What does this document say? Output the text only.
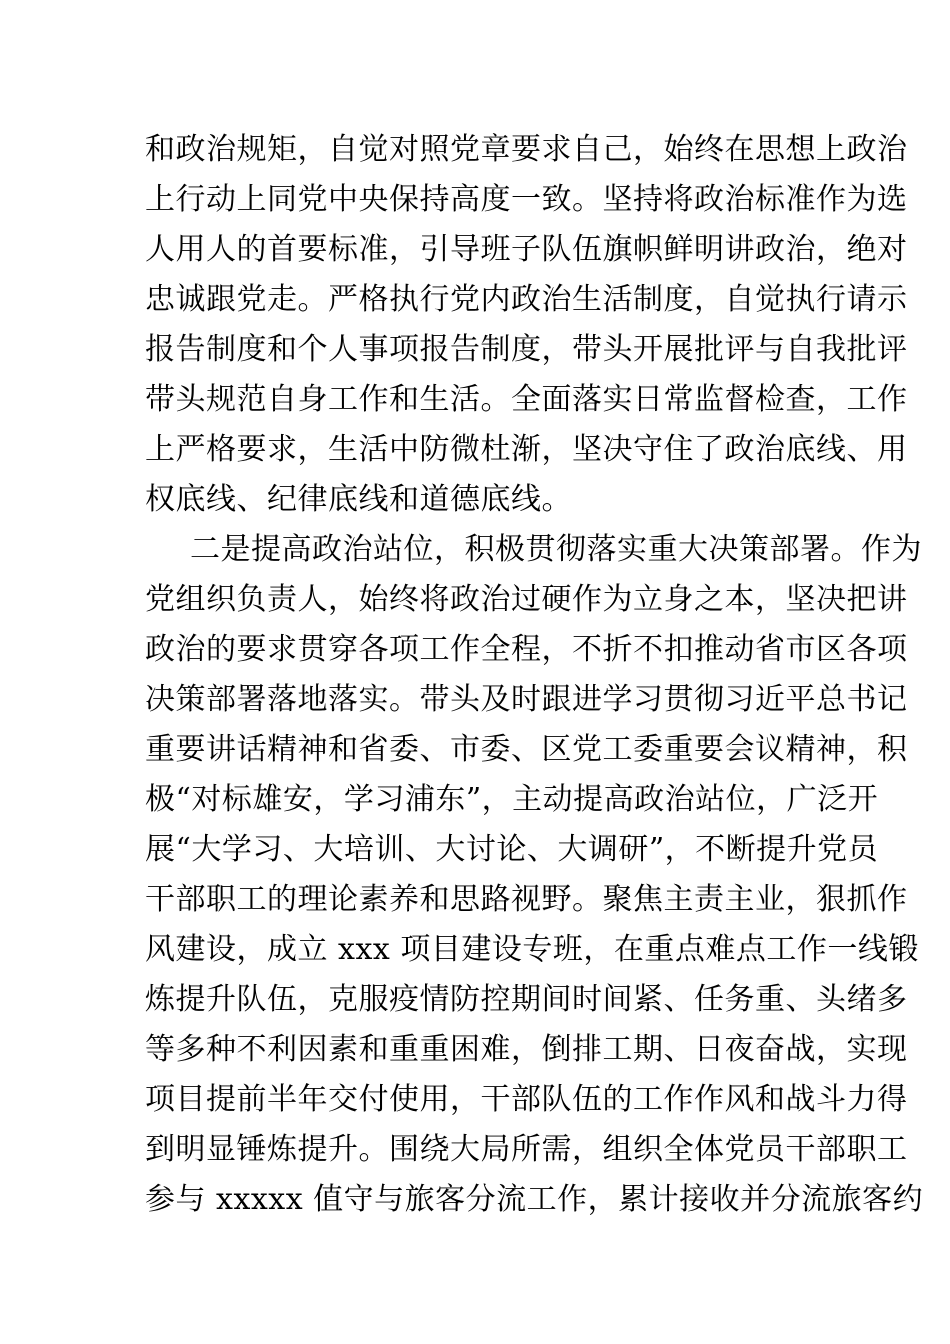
和政治规矩，自觉对照党章要求自己，始终在思想上政治
上行动上同党中央保持高度一致。坚持将政治标准作为选
人用人的首要标准，引导班子队伍旗帜鲜明讲政治，绝对
忠诚跟党走。严格执行党内政治生活制度，自觉执行请示
报告制度和个人事项报告制度，带头开展批评与自我批评
带头规范自身工作和生活。全面落实日常监督检查，工作
上严格要求，生活中防微杜渐，坚决守住了政治底线、用
权底线、纪律底线和道德底线。
二是提高政治站位，积极贯彻落实重大决策部署。作为
党组织负责人，始终将政治过硬作为立身之本，坚决把讲
政治的要求贯穿各项工作全程，不折不扣推动省市区各项
决策部署落地落实。带头及时跟进学习贯彻习近平总书记
重要讲话精神和省委、市委、区党工委重要会议精神，积
极“对标雄安，学习浦东”，主动提高政治站位，广泛开
展“大学习、大培训、大讨论、大调研”，不断提升党员
干部职工的理论素养和思路视野。聚焦主责主业，狠抓作
风建设，成立 xxx 项目建设专班，在重点难点工作一线锻
炼提升队伍，克服疫情防控期间时间紧、任务重、头绪多
等多种不利因素和重重困难，倒排工期、日夜奋战，实现
项目提前半年交付使用，干部队伍的工作作风和战斗力得
到明显锤炼提升。围绕大局所需，组织全体党员干部职工
参与 xxxxx 值守与旅客分流工作，累计接收并分流旅客约
